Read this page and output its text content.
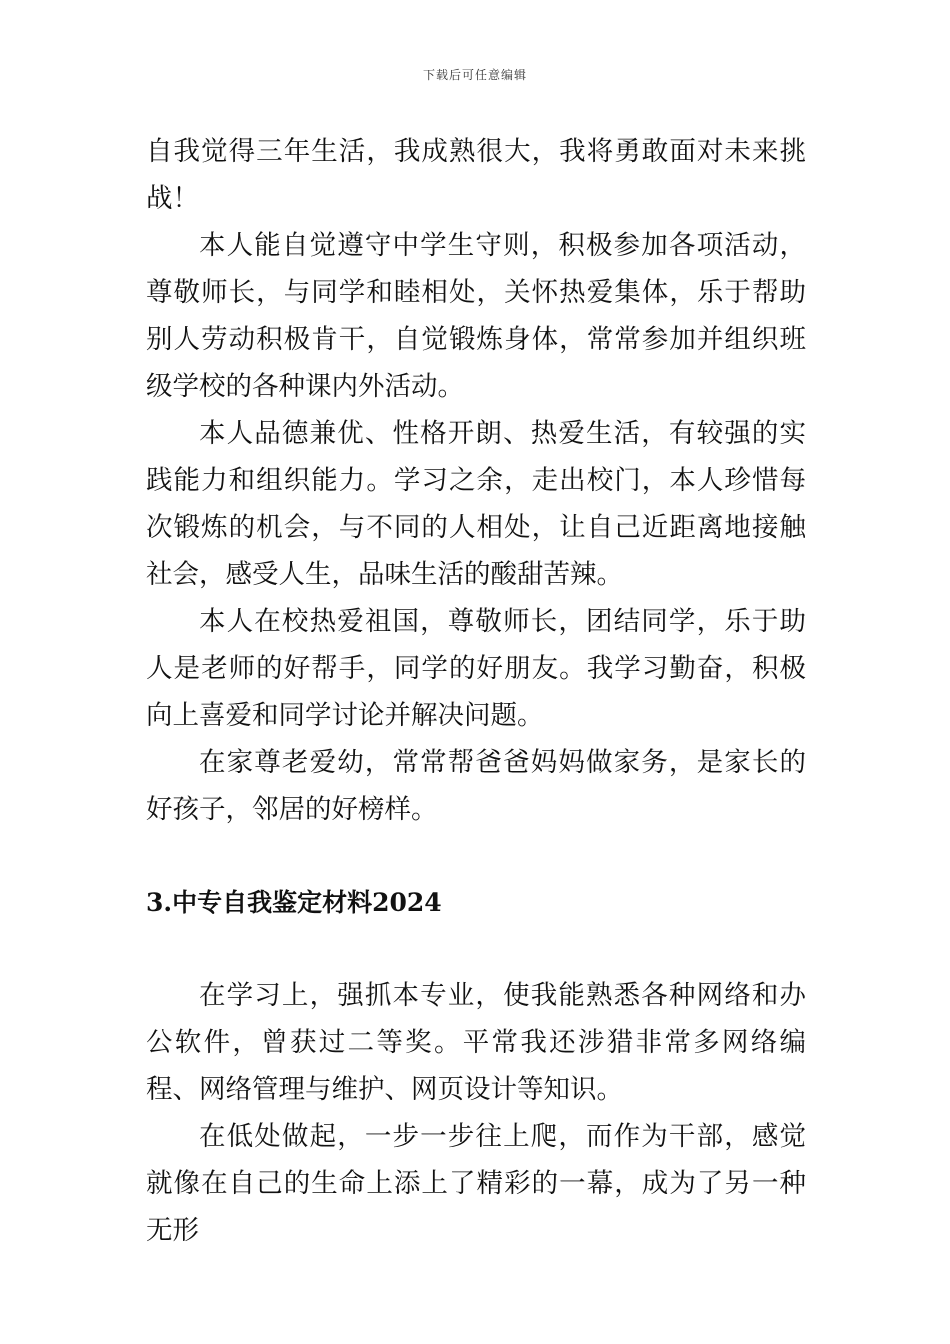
下载后可任意编辑

自我觉得三年生活，我成熟很大，我将勇敢面对未来挑战！

本人能自觉遵守中学生守则，积极参加各项活动，尊敬师长，与同学和睦相处，关怀热爱集体，乐于帮助别人劳动积极肯干，自觉锻炼身体，常常参加并组织班级学校的各种课内外活动。

本人品德兼优、性格开朗、热爱生活，有较强的实践能力和组织能力。学习之余，走出校门，本人珍惜每次锻炼的机会，与不同的人相处，让自己近距离地接触社会，感受人生，品味生活的酸甜苦辣。

本人在校热爱祖国，尊敬师长，团结同学，乐于助人是老师的好帮手，同学的好朋友。我学习勤奋，积极向上喜爱和同学讨论并解决问题。

在家尊老爱幼，常常帮爸爸妈妈做家务，是家长的好孩子，邻居的好榜样。

3.中专自我鉴定材料2024

在学习上，强抓本专业，使我能熟悉各种网络和办公软件，曾获过二等奖。平常我还涉猎非常多网络编程、网络管理与维护、网页设计等知识。

在低处做起，一步一步往上爬，而作为干部，感觉就像在自己的生命上添上了精彩的一幕，成为了另一种无形
